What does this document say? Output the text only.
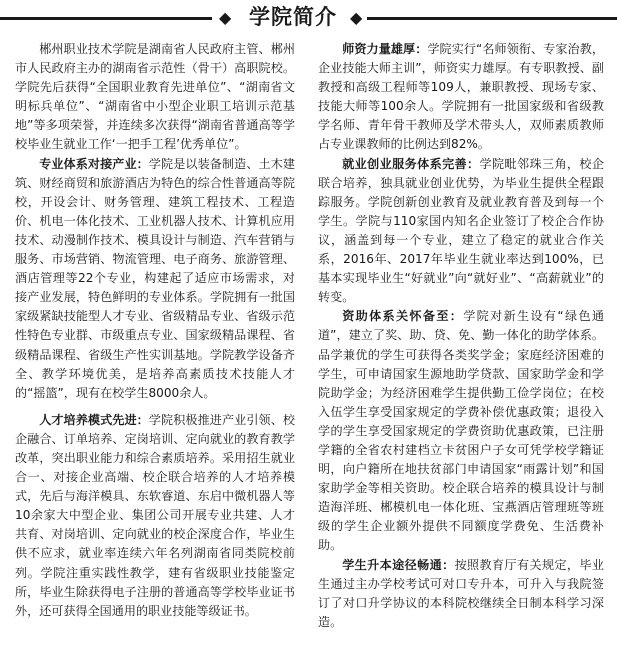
◆ 学院简介 ◆

郴州职业技术学院是湖南省人民政府主管、郴州市人民政府主办的湖南省示范性（骨干）高职院校。学院先后获得“全国职业教育先进单位”、“湖南省文明标兵单位”、“湖南省中小型企业职工培训示范基地”等多项荣誉，并连续多次获得“湖南省普通高等学校毕业生就业工作‘一把手工程’优秀单位”。

专业体系对接产业：学院是以装备制造、土木建筑、财经商贸和旅游酒店为特色的综合性普通高等院校，开设会计、财务管理、建筑工程技术、工程造价、机电一体化技术、工业机器人技术、计算机应用技术、动漫制作技术、模具设计与制造、汽车营销与服务、市场营销、物流管理、电子商务、旅游管理、酒店管理等22个专业，构建起了适应市场需求，对接产业发展，特色鲜明的专业体系。学院拥有一批国家级紧缺技能型人才专业、省级精品专业、省级示范性特色专业群、市级重点专业、国家级精品课程、省级精品课程、省级生产性实训基地。学院教学设备齐全、教学环境优美，是培养高素质技术技能人才的“摇篮”，现有在校学生8000余人。

人才培养模式先进：学院积极推进产业引领、校企融合、订单培养、定岗培训、定向就业的教育教学改革，突出职业能力和综合素质培养。采用招生就业合一、对接企业高端、校企联合培养的人才培养模式，先后与海洋模具、东软睿道、东启中微机器人等10余家大中型企业、集团公司开展专业共建、人才共育、对岗培训、定向就业的校企深度合作，毕业生供不应求，就业率连续六年名列湖南省同类院校前列。学院注重实践性教学，建有省级职业技能鉴定所，毕业生除获得电子注册的普通高等学校毕业证书外，还可获得全国通用的职业技能等级证书。

师资力量雄厚：学院实行“名师领衔、专家治教，企业技能大师主训”，师资实力雄厚。有专职教授、副教授和高级工程师等109人，兼职教授、现场专家、技能大师等100余人。学院拥有一批国家级和省级教学名师、青年骨干教师及学术带头人，双师素质教师占专业课教师的比例达到82%。

就业创业服务体系完善：学院毗邻珠三角，校企联合培养，独具就业创业优势，为毕业生提供全程跟踪服务。学院创新创业教育及就业教育普及到每一个学生。学院与110家国内知名企业签订了校企合作协议，涵盖到每一个专业，建立了稳定的就业合作关系，2016年、2017年毕业生就业率达到100%，已基本实现毕业生“好就业”向“就好业”、“高薪就业”的转变。

资助体系关怀备至：学院对新生设有“绿色通道”，建立了奖、助、贷、免、勤一体化的助学体系。品学兼优的学生可获得各类奖学金；家庭经济困难的学生，可申请国家生源地助学贷款、国家助学金和学院助学金；为经济困难学生提供勤工俭学岗位；在校入伍学生享受国家规定的学费补偿优惠政策；退役入学的学生享受国家规定的学费资助优惠政策，已注册学籍的全省农村建档立卡贫困户子女可凭学校学籍证明，向户籍所在地扶贫部门申请国家“雨露计划”和国家助学金等相关资助。校企联合培养的模具设计与制造海洋班、郴模机电一体化班、宝燕酒店管理班等班级的学生企业额外提供不同额度学费免、生活费补助。

学生升本途径畅通：按照教育厅有关规定，毕业生通过主办学校考试可对口专升本，可升入与我院签订了对口升学协议的本科院校继续全日制本科学习深造。
